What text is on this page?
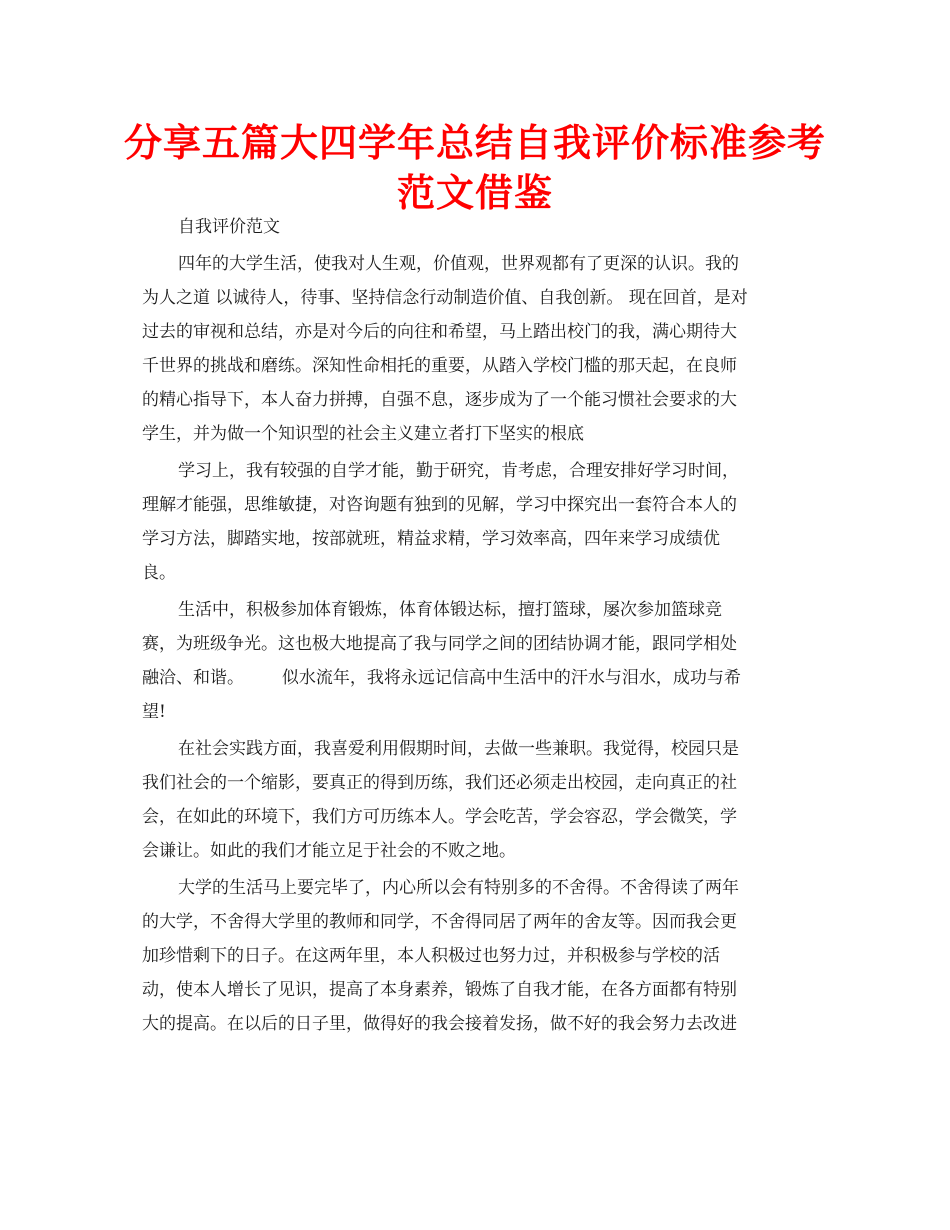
分享五篇大四学年总结自我评价标准参考
范文借鉴

自我评价范文

四年的大学生活，使我对人生观，价值观，世界观都有了更深的认识。我的
为人之道 以诚待人，待事、坚持信念行动制造价值、自我创新。 现在回首，是对
过去的审视和总结，亦是对今后的向往和希望，马上踏出校门的我，满心期待大
千世界的挑战和磨练。深知性命相托的重要，从踏入学校门槛的那天起，在良师
的精心指导下，本人奋力拼搏，自强不息，逐步成为了一个能习惯社会要求的大
学生，并为做一个知识型的社会主义建立者打下坚实的根底

学习上，我有较强的自学才能，勤于研究，肯考虑，合理安排好学习时间，
理解才能强，思维敏捷，对咨询题有独到的见解，学习中探究出一套符合本人的
学习方法，脚踏实地，按部就班，精益求精，学习效率高，四年来学习成绩优
良。

生活中，积极参加体育锻炼，体育体锻达标，擅打篮球，屡次参加篮球竞
赛，为班级争光。这也极大地提高了我与同学之间的团结协调才能，跟同学相处
融洽、和谐。       似水流年，我将永远记信高中生活中的汗水与泪水，成功与希
望!

在社会实践方面，我喜爱利用假期时间，去做一些兼职。我觉得，校园只是
我们社会的一个缩影，要真正的得到历练，我们还必须走出校园，走向真正的社
会，在如此的环境下，我们方可历练本人。学会吃苦，学会容忍，学会微笑，学
会谦让。如此的我们才能立足于社会的不败之地。

大学的生活马上要完毕了，内心所以会有特别多的不舍得。不舍得读了两年
的大学，不舍得大学里的教师和同学，不舍得同居了两年的舍友等。因而我会更
加珍惜剩下的日子。在这两年里，本人积极过也努力过，并积极参与学校的活
动，使本人增长了见识，提高了本身素养，锻炼了自我才能，在各方面都有特别
大的提高。在以后的日子里，做得好的我会接着发扬，做不好的我会努力去改进
